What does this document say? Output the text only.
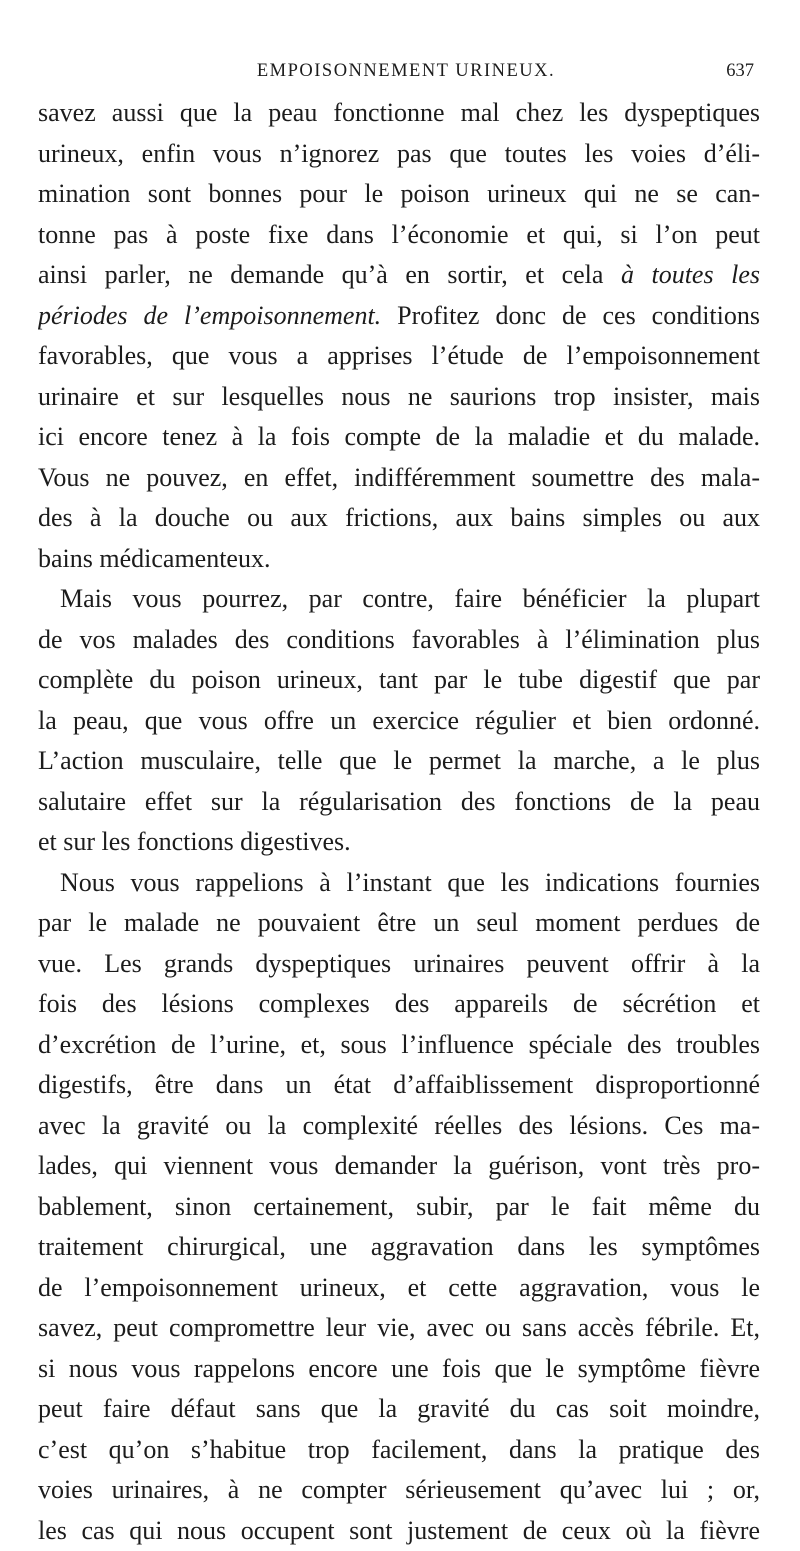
EMPOISONNEMENT URINEUX.	637
savez aussi que la peau fonctionne mal chez les dyspeptiques
urineux, enfin vous n’ignorez pas que toutes les voies d’éli-
mination sont bonnes pour le poison urineux qui ne se can-
tonne pas à poste fixe dans l’économie et qui, si l’on peut
ainsi parler, ne demande qu’à en sortir, et cela à toutes les
périodes de l’empoisonnement. Profitez donc de ces conditions
favorables, que vous a apprises l’étude de l’empoisonnement
urinaire et sur lesquelles nous ne saurions trop insister, mais
ici encore tenez à la fois compte de la maladie et du malade.
Vous ne pouvez, en effet, indifféremment soumettre des mala-
des à la douche ou aux frictions, aux bains simples ou aux
bains médicamenteux.
Mais vous pourrez, par contre, faire bénéficier la plupart
de vos malades des conditions favorables à l’élimination plus
complète du poison urineux, tant par le tube digestif que par
la peau, que vous offre un exercice régulier et bien ordonné.
L’action musculaire, telle que le permet la marche, a le plus
salutaire effet sur la régularisation des fonctions de la peau
et sur les fonctions digestives.
Nous vous rappelions à l’instant que les indications fournies
par le malade ne pouvaient être un seul moment perdues de
vue. Les grands dyspeptiques urinaires peuvent offrir à la
fois des lésions complexes des appareils de sécrétion et
d’excrétion de l’urine, et, sous l’influence spéciale des troubles
digestifs, être dans un état d’affaiblissement disproportionné
avec la gravité ou la complexité réelles des lésions. Ces ma-
lades, qui viennent vous demander la guérison, vont très pro-
bablement, sinon certainement, subir, par le fait même du
traitement chirurgical, une aggravation dans les symptômes
de l’empoisonnement urineux, et cette aggravation, vous le
savez, peut compromettre leur vie, avec ou sans accès fébrile. Et,
si nous vous rappelons encore une fois que le symptôme fièvre
peut faire défaut sans que la gravité du cas soit moindre,
c’est qu’on s’habitue trop facilement, dans la pratique des
voies urinaires, à ne compter sérieusement qu’avec lui ; or,
les cas qui nous occupent sont justement de ceux où la fièvre
